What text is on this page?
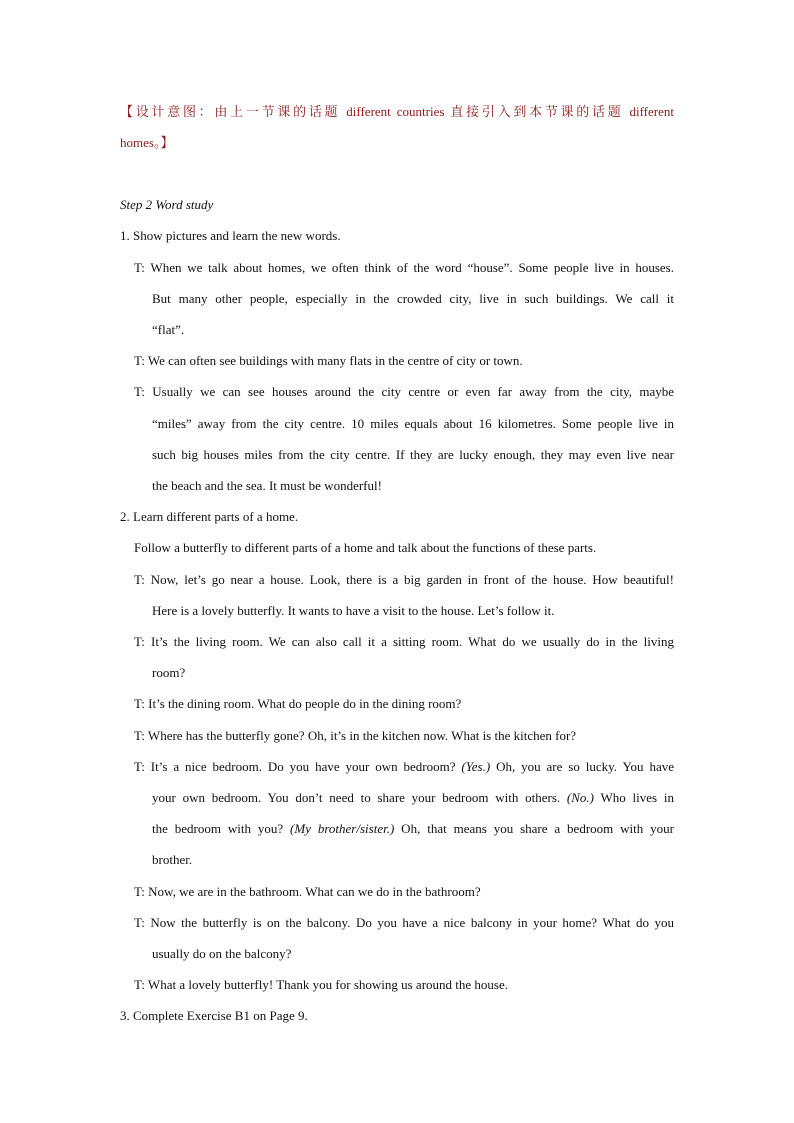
【设计意图：由上一节课的话题 different countries 直接引入到本节课的话题 different
homes。】
Step 2 Word study
1. Show pictures and learn the new words.
T: When we talk about homes, we often think of the word “house”. Some people live in houses.
But many other people, especially in the crowded city, live in such buildings. We call it
“flat”.
T: We can often see buildings with many flats in the centre of city or town.
T: Usually we can see houses around the city centre or even far away from the city, maybe
“miles” away from the city centre. 10 miles equals about 16 kilometres. Some people live in
such big houses miles from the city centre. If they are lucky enough, they may even live near
the beach and the sea. It must be wonderful!
2. Learn different parts of a home.
Follow a butterfly to different parts of a home and talk about the functions of these parts.
T: Now, let’s go near a house. Look, there is a big garden in front of the house. How beautiful!
Here is a lovely butterfly. It wants to have a visit to the house. Let’s follow it.
T: It’s the living room. We can also call it a sitting room. What do we usually do in the living
room?
T: It’s the dining room. What do people do in the dining room?
T: Where has the butterfly gone? Oh, it’s in the kitchen now. What is the kitchen for?
T: It’s a nice bedroom. Do you have your own bedroom? (Yes.) Oh, you are so lucky. You have
your own bedroom. You don’t need to share your bedroom with others. (No.) Who lives in
the bedroom with you? (My brother/sister.) Oh, that means you share a bedroom with your
brother.
T: Now, we are in the bathroom. What can we do in the bathroom?
T: Now the butterfly is on the balcony. Do you have a nice balcony in your home? What do you
usually do on the balcony?
T: What a lovely butterfly! Thank you for showing us around the house.
3. Complete Exercise B1 on Page 9.
